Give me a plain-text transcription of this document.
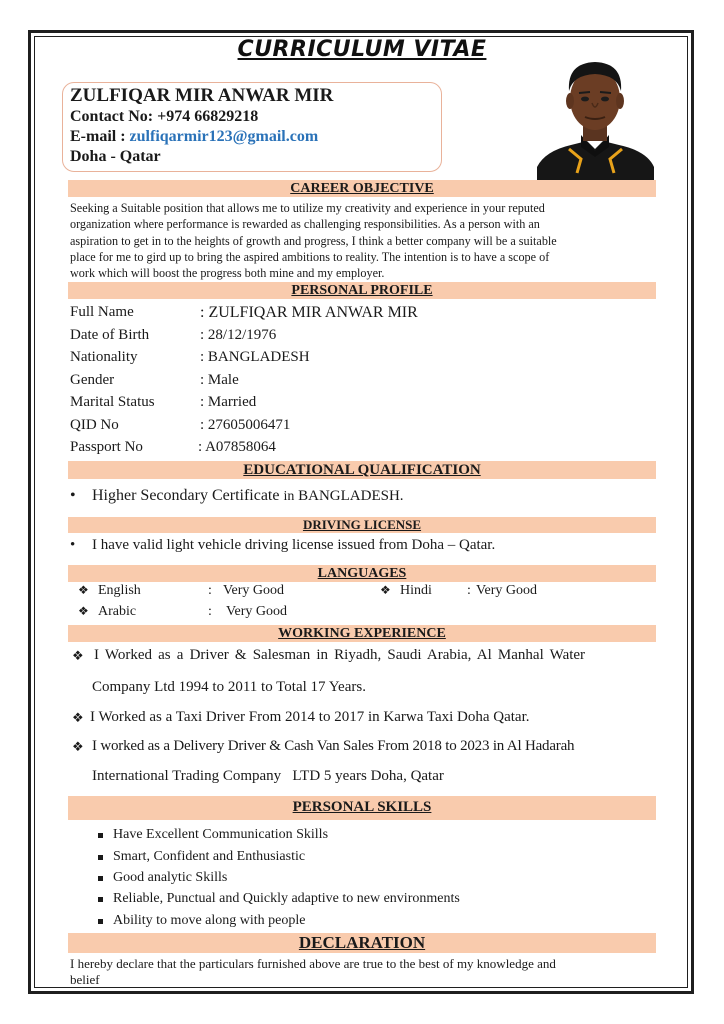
CURRICULUM VITAE
ZULFIQAR MIR ANWAR MIR
Contact No: +974 66829218
E-mail : zulfiqarmir123@gmail.com
Doha - Qatar
CAREER OBJECTIVE
Seeking a Suitable position that allows me to utilize my creativity and experience in your reputed
organization where performance is rewarded as challenging responsibilities. As a person with an
aspiration to get in to the heights of growth and progress, I think a better company will be a suitable
place for me to gird up to bring the aspired ambitions to reality. The intention is to have a scope of
work which will boost the progress both mine and my employer.
PERSONAL PROFILE
Full Name	: ZULFIQAR MIR ANWAR MIR
Date of Birth	: 28/12/1976
Nationality	: BANGLADESH
Gender	: Male
Marital Status	: Married
QID No	: 27605006471
Passport No	: A07858064
EDUCATIONAL QUALIFICATION
• Higher Secondary Certificate in BANGLADESH.
DRIVING LICENSE
• I have valid light vehicle driving license issued from Doha – Qatar.
LANGUAGES
❖ English	: Very Good	❖ Hindi	: Very Good
❖ Arabic	: Very Good
WORKING EXPERIENCE
❖ I Worked as a Driver & Salesman in Riyadh, Saudi Arabia, Al Manhal Water
Company Ltd 1994 to 2011 to Total 17 Years.
❖ I Worked as a Taxi Driver From 2014 to 2017 in Karwa Taxi Doha Qatar.
❖ I worked as a Delivery Driver & Cash Van Sales From 2018 to 2023 in Al Hadarah
International Trading Company   LTD 5 years Doha, Qatar
PERSONAL SKILLS
Have Excellent Communication Skills
Smart, Confident and Enthusiastic
Good analytic Skills
Reliable, Punctual and Quickly adaptive to new environments
Ability to move along with people
DECLARATION
I hereby declare that the particulars furnished above are true to the best of my knowledge and
belief
